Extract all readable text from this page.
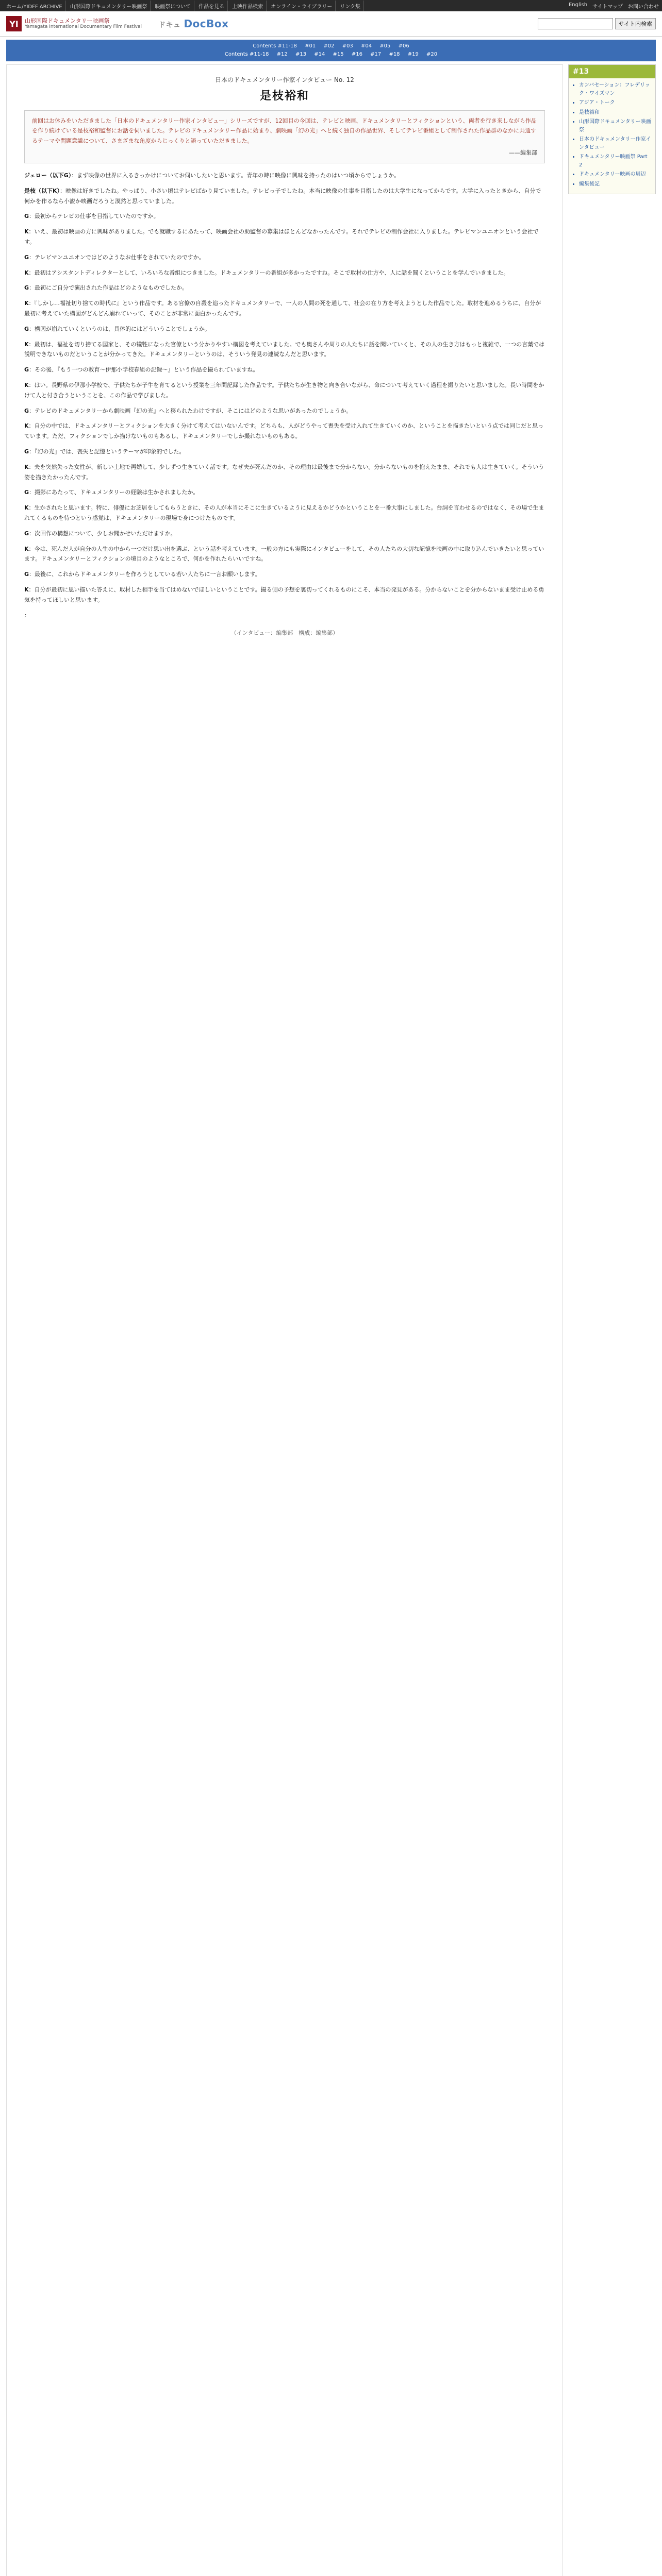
ホーム/YIDFF ARCHIVE	山形国際ドキュメンタリー映画祭	映画祭について	作品を見る	上映作品検索	オンライン・ライブラリー	リンク集	English サイトマップ お問い合わせ
YI	山形国際ドキュメンタリー映画祭
Yamagata International Documentary Film Festival ドキュ DocBox	サイト内検索
Contents #11-18 #01 #02 #03 #04 #05 #06
Contents #11-18 #12 #13 #14 #15 #16 #17 #18 #19 #20
日本のドキュメンタリー作家インタビュー No. 12
是枝裕和
前回はお休みをいただきました「日本のドキュメンタリー作家インタビュー」シリーズですが、12回目の今回は、テレビと映画、ドキュメンタリーとフィクションという、両者を行き来しながら作品を作り続けている是枝裕和監督にお話を伺いました。テレビのドキュメンタリー作品に始まり、劇映画「幻の光」へと続く独自の作品世界、そしてテレビ番組として制作された作品群のなかに共通するテーマや問題意識について、さまざまな角度からじっくりと語っていただきました。
——編集部

ジェロー（以下G）：まず映像の世界に入るきっかけについてお伺いしたいと思います。青年の時に映像に興味を持ったのはいつ頃からでしょうか。

是枝（以下K）：映像は好きでしたね。やっぱり、小さい頃はテレビばかり見ていました。テレビっ子でしたね。本当に映像の仕事を目指したのは大学生になってからです。大学に入ったときから、自分で何かを作るなら小説か映画だろうと漠然と思っていました。

G：最初からテレビの仕事を目指していたのですか。

K：いえ、最初は映画の方に興味がありました。でも就職するにあたって、映画会社の助監督の募集はほとんどなかったんです。それでテレビの制作会社に入りました。テレビマンユニオンという会社です。

G：テレビマンユニオンではどのようなお仕事をされていたのですか。

K：最初はアシスタントディレクターとして、いろいろな番組につきました。ドキュメンタリーの番組が多かったですね。そこで取材の仕方や、人に話を聞くということを学んでいきました。

G：最初にご自分で演出された作品はどのようなものでしたか。

K：『しかし…福祉切り捨ての時代に』という作品です。ある官僚の自殺を追ったドキュメンタリーで、一人の人間の死を通して、社会の在り方を考えようとした作品でした。取材を進めるうちに、自分が最初に考えていた構図がどんどん崩れていって、そのことが非常に面白かったんです。

G：構図が崩れていくというのは、具体的にはどういうことでしょうか。

K：最初は、福祉を切り捨てる国家と、その犠牲になった官僚という分かりやすい構図を考えていました。でも奥さんや周りの人たちに話を聞いていくと、その人の生き方はもっと複雑で、一つの言葉では説明できないものだということが分かってきた。ドキュメンタリーというのは、そういう発見の連続なんだと思います。

G：その後、『もう一つの教育〜伊那小学校春組の記録〜』という作品を撮られていますね。

K：はい。長野県の伊那小学校で、子供たちが子牛を育てるという授業を三年間記録した作品です。子供たちが生き物と向き合いながら、命について考えていく過程を撮りたいと思いました。長い時間をかけて人と付き合うということを、この作品で学びました。

G：テレビのドキュメンタリーから劇映画『幻の光』へと移られたわけですが、そこにはどのような思いがあったのでしょうか。

K：自分の中では、ドキュメンタリーとフィクションを大きく分けて考えてはいないんです。どちらも、人がどうやって喪失を受け入れて生きていくのか、ということを描きたいという点では同じだと思っています。ただ、フィクションでしか描けないものもあるし、ドキュメンタリーでしか撮れないものもある。

G：『幻の光』では、喪失と記憶というテーマが印象的でした。

K：夫を突然失った女性が、新しい土地で再婚して、少しずつ生きていく話です。なぜ夫が死んだのか、その理由は最後まで分からない。分からないものを抱えたまま、それでも人は生きていく。そういう姿を描きたかったんです。

G：撮影にあたって、ドキュメンタリーの経験は生かされましたか。

K：生かされたと思います。特に、俳優にお芝居をしてもらうときに、その人が本当にそこに生きているように見えるかどうかということを一番大事にしました。台詞を言わせるのではなく、その場で生まれてくるものを待つという感覚は、ドキュメンタリーの現場で身につけたものです。

G：次回作の構想について、少しお聞かせいただけますか。

K：今は、死んだ人が自分の人生の中から一つだけ思い出を選ぶ、という話を考えています。一般の方にも実際にインタビューをして、その人たちの大切な記憶を映画の中に取り込んでいきたいと思っています。ドキュメンタリーとフィクションの境目のようなところで、何かを作れたらいいですね。

G：最後に、これからドキュメンタリーを作ろうとしている若い人たちに一言お願いします。

K：自分が最初に思い描いた答えに、取材した相手を当てはめないでほしいということです。撮る側の予想を裏切ってくれるものにこそ、本当の発見がある。分からないことを分からないまま受け止める勇気を持ってほしいと思います。

：

（インタビュー：編集部　構成：編集部）
#13
• カンバセーション：フレデリック・ワイズマン
• アジア・トーク
• 是枝裕和
• 山形国際ドキュメンタリー映画祭
• 日本のドキュメンタリー作家インタビュー
• ドキュメンタリー映画祭 Part 2
• ドキュメンタリー映画の周辺
• 編集後記
